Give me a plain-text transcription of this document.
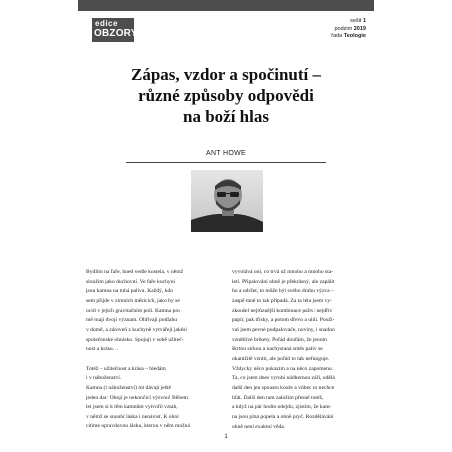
edice
OBZORY
sešit 1
podzim 2019
řada Teologie
Zápas, vzdor a spočinutí –
různé způsoby odpovědi
na boží hlas
ANT HOWE
Bydlím na faře, hned vedle kostela, v němž
sloužím jako duchovní. Ve faře kuchyni
jsou kamna na tuhá paliva. Každý, kdo
sem přijde v zimních měsících, jako by se
ocitl v jejich gravitačním poli. Kamna pro
mě mají dvojí význam. Ohřívají podlahu
v domě, a zároveň z kuchyně vytvářejí jakési
společenské ohnisko. Spojují v sobě užiteč-
nost a krásu…
Totéž – užitečnost a krása – hledám
i v náboženství.
Kamna (i náboženství) mi dávají ještě
jeden dar: Obojí je nekončící výzvou! Během
let jsem si k těm kamnům vytvořil vztah,
v němž se snoubí láska i nenávist. K ohni
cítíme opravdovou lásku, kterou v něm možná
vyvolává oni, co trvá už mnoho a mnoho sta-
letí. Připalování ohně je překrásný, ale zapálit
ho a udržet, to může být svého druhu výzva –
zaspě mně to tak připadá. Za ta léta jsem vy-
zkoušel nejrůznější kombinace paliv: nejdřív
papír, pak třísky, a potom dřevo a uhlí. Použí-
val jsem pevné podpalovače, noviny, i snadno
vznětlivé brikety. Pořád doufám, že jenom
škrtnu sirkou a nachystaná směs paliv se
okamžitě vzníti, ale pořád to tak nefunguje.
Vždycky něco pokazím a na něco zapomenu.
Ta, co jsem dnes vyrobí nádhernou záři, udělá
další den jen spoustu kouře a vůbec to nechce
hřát. Další den tam založím přesně totéž,
a když na pár hodin odejdu, zjistím, že kam-
na jsou plná popela a ohně pryč. Rozdělávání
ohně není exaktní věda.
1
